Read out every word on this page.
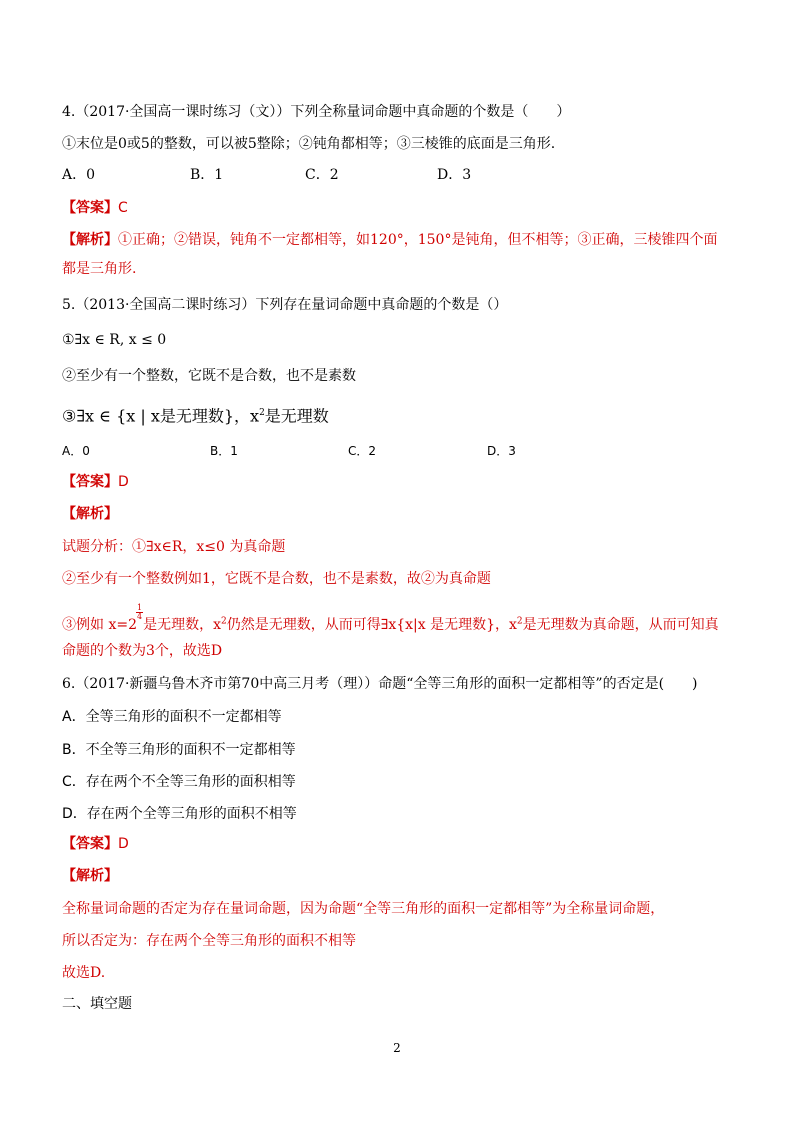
4.（2017·全国高一课时练习（文））下列全称量词命题中真命题的个数是（　　）
①末位是0或5的整数，可以被5整除；②钝角都相等；③三棱锥的底面是三角形.
A．0	B．1	C．2	D．3
【答案】C
【解析】①正确；②错误，钝角不一定都相等，如120°，150°是钝角，但不相等；③正确，三棱锥四个面
都是三角形.
5.（2013·全国高二课时练习）下列存在量词命题中真命题的个数是（）
①∃x ∈ R, x ≤ 0
②至少有一个整数，它既不是合数，也不是素数
③∃x ∈ {x | x是无理数}，$x^2$是无理数
A．0	B．1	C．2	D．3
【答案】D
【解析】
试题分析：①∃x∈R，x≤0 为真命题
②至少有一个整数例如1，它既不是合数，也不是素数，故②为真命题
③例如 x=2
$\frac{1}{4}$是无理数，$x^2$仍然是无理数，从而可得∃x{x|x 是无理数}，$x^2$是无理数为真命题，从而可知真
命题的个数为3个，故选D
6.（2017·新疆乌鲁木齐市第70中高三月考（理））命题“全等三角形的面积一定都相等”的否定是(　　)
A．全等三角形的面积不一定都相等
B．不全等三角形的面积不一定都相等
C．存在两个不全等三角形的面积相等
D．存在两个全等三角形的面积不相等
【答案】D
【解析】
全称量词命题的否定为存在量词命题，因为命题“全等三角形的面积一定都相等”为全称量词命题，
所以否定为：存在两个全等三角形的面积不相等
故选D.
二、填空题
2
